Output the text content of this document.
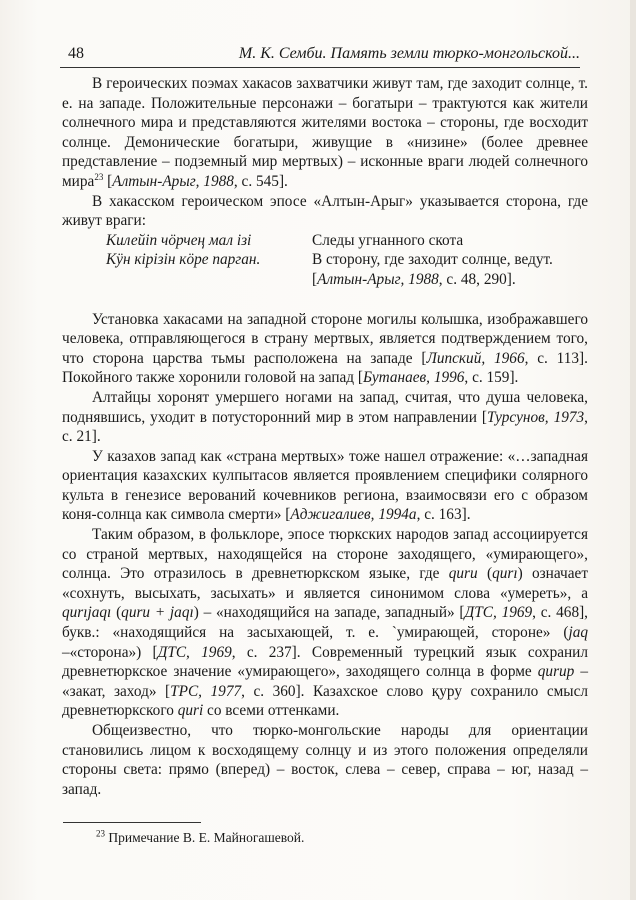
48	М. К. Семби. Память земли тюрко-монгольской...

В героических поэмах хакасов захватчики живут там, где заходит солнце, т. е. на западе. Положительные персонажи – богатыри – трактуются как жители солнечного мира и представляются жителями востока – стороны, где восходит солнце. Демонические богатыри, живущие в «низине» (более древнее представление – подземный мир мертвых) – исконные враги людей солнечного мира$^{23}$ [Алтын-Арыг, 1988, с. 545].

В хакасском героическом эпосе «Алтын-Арыг» указывается сторона, где живут враги:

Килейiп чӧрчең мал iзi	Следы угнанного скота
Кӱн кiрiзiн кӧре парган.	В сторону, где заходит солнце, ведут.
[Алтын-Арыг, 1988, с. 48, 290].

Установка хакасами на западной стороне могилы колышка, изображавшего человека, отправляющегося в страну мертвых, является подтверждением того, что сторона царства тьмы расположена на западе [Липский, 1966, с. 113]. Покойного также хоронили головой на запад [Бутанаев, 1996, с. 159].

Алтайцы хоронят умершего ногами на запад, считая, что душа человека, поднявшись, уходит в потусторонний мир в этом направлении [Турсунов, 1973, с. 21].

У казахов запад как «страна мертвых» тоже нашел отражение: «…западная ориентация казахских кулпытасов является проявлением специфики солярного культа в генезисе верований кочевников региона, взаимосвязи его с образом коня-солнца как символа смерти» [Аджигалиев, 1994а, с. 163].

Таким образом, в фольклоре, эпосе тюркских народов запад ассоциируется со страной мертвых, находящейся на стороне заходящего, «умирающего», солнца. Это отразилось в древнетюркском языке, где quru (qurı) означает «сохнуть, высыхать, засыхать» и является синонимом слова «умереть», а qurıjaqı (quru + jaqı) – «находящийся на западе, западный» [ДТС, 1969, с. 468], букв.: «находящийся на засыхающей, т. е. `умирающей, стороне» (jaq –«сторона») [ДТС, 1969, с. 237]. Современный турецкий язык сохранил древнетюркское значение «умирающего», заходящего солнца в форме qurup – «закат, заход» [ТРС, 1977, с. 360]. Казахское слово қуру сохранило смысл древнетюркского quri со всеми оттенками.

Общеизвестно, что тюрко-монгольские народы для ориентации становились лицом к восходящему солнцу и из этого положения определяли стороны света: прямо (вперед) – восток, слева – север, справа – юг, назад – запад.

$^{23}$ Примечание В. Е. Майногашевой.
